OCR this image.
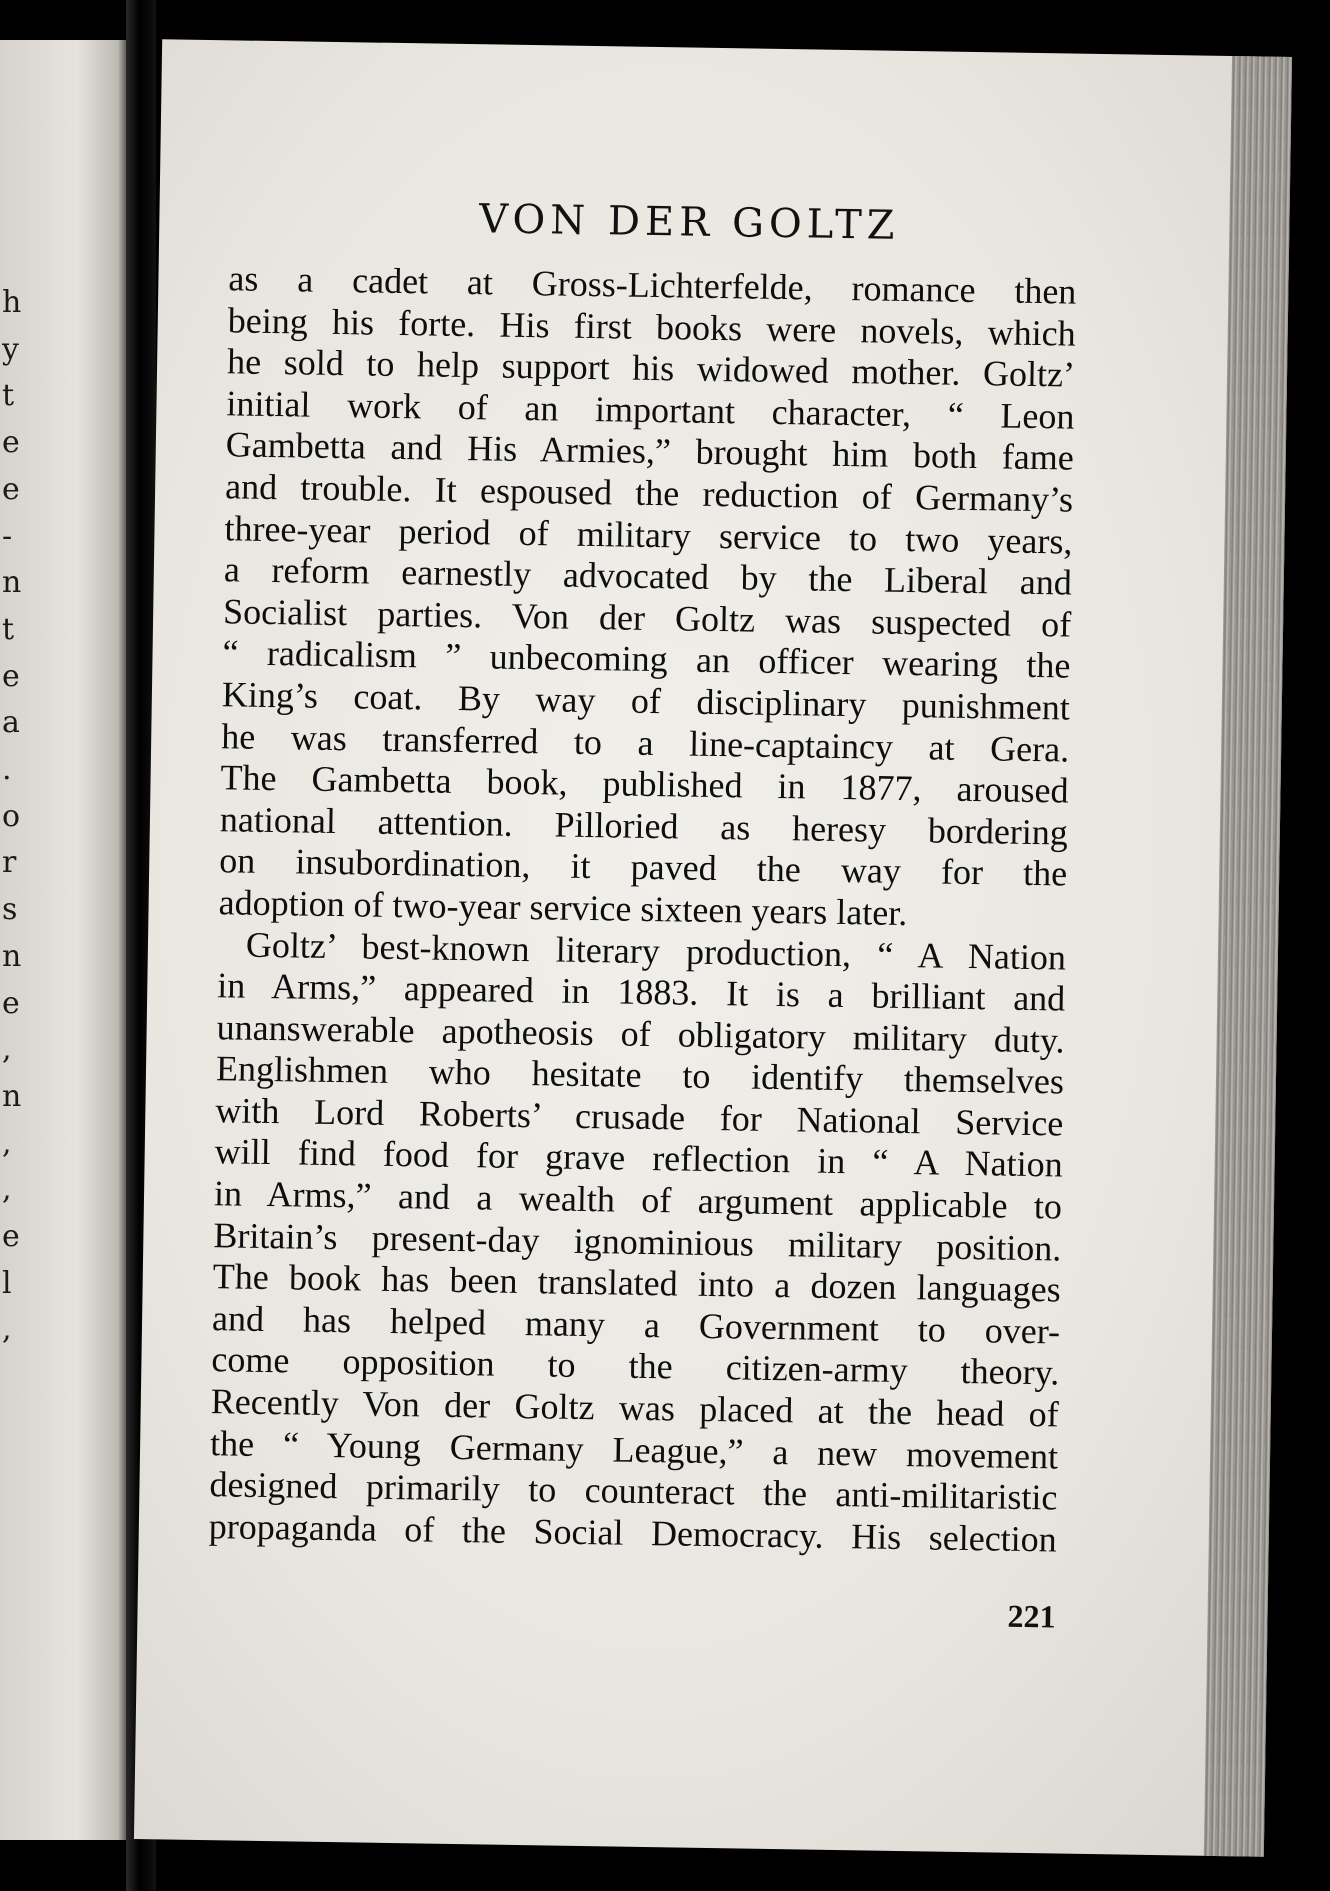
h
y
t
e
e
-
n
t
e
a
.
o
r
s
n
e
,
n
,
,
e
l
,
VON DER GOLTZ
as a cadet at Gross-Lichterfelde, romance then
being his forte. His first books were novels, which
he sold to help support his widowed mother. Goltz’
initial work of an important character, “ Leon
Gambetta and His Armies,” brought him both fame
and trouble. It espoused the reduction of Germany’s
three-year period of military service to two years,
a reform earnestly advocated by the Liberal and
Socialist parties. Von der Goltz was suspected of
“ radicalism ” unbecoming an officer wearing the
King’s coat. By way of disciplinary punishment
he was transferred to a line-captaincy at Gera.
The Gambetta book, published in 1877, aroused
national attention. Pilloried as heresy bordering
on insubordination, it paved the way for the
adoption of two-year service sixteen years later.
Goltz’ best-known literary production, “ A Nation
in Arms,” appeared in 1883. It is a brilliant and
unanswerable apotheosis of obligatory military duty.
Englishmen who hesitate to identify themselves
with Lord Roberts’ crusade for National Service
will find food for grave reflection in “ A Nation
in Arms,” and a wealth of argument applicable to
Britain’s present-day ignominious military position.
The book has been translated into a dozen languages
and has helped many a Government to over-
come opposition to the citizen-army theory.
Recently Von der Goltz was placed at the head of
the “ Young Germany League,” a new movement
designed primarily to counteract the anti-militaristic
propaganda of the Social Democracy. His selection
221
